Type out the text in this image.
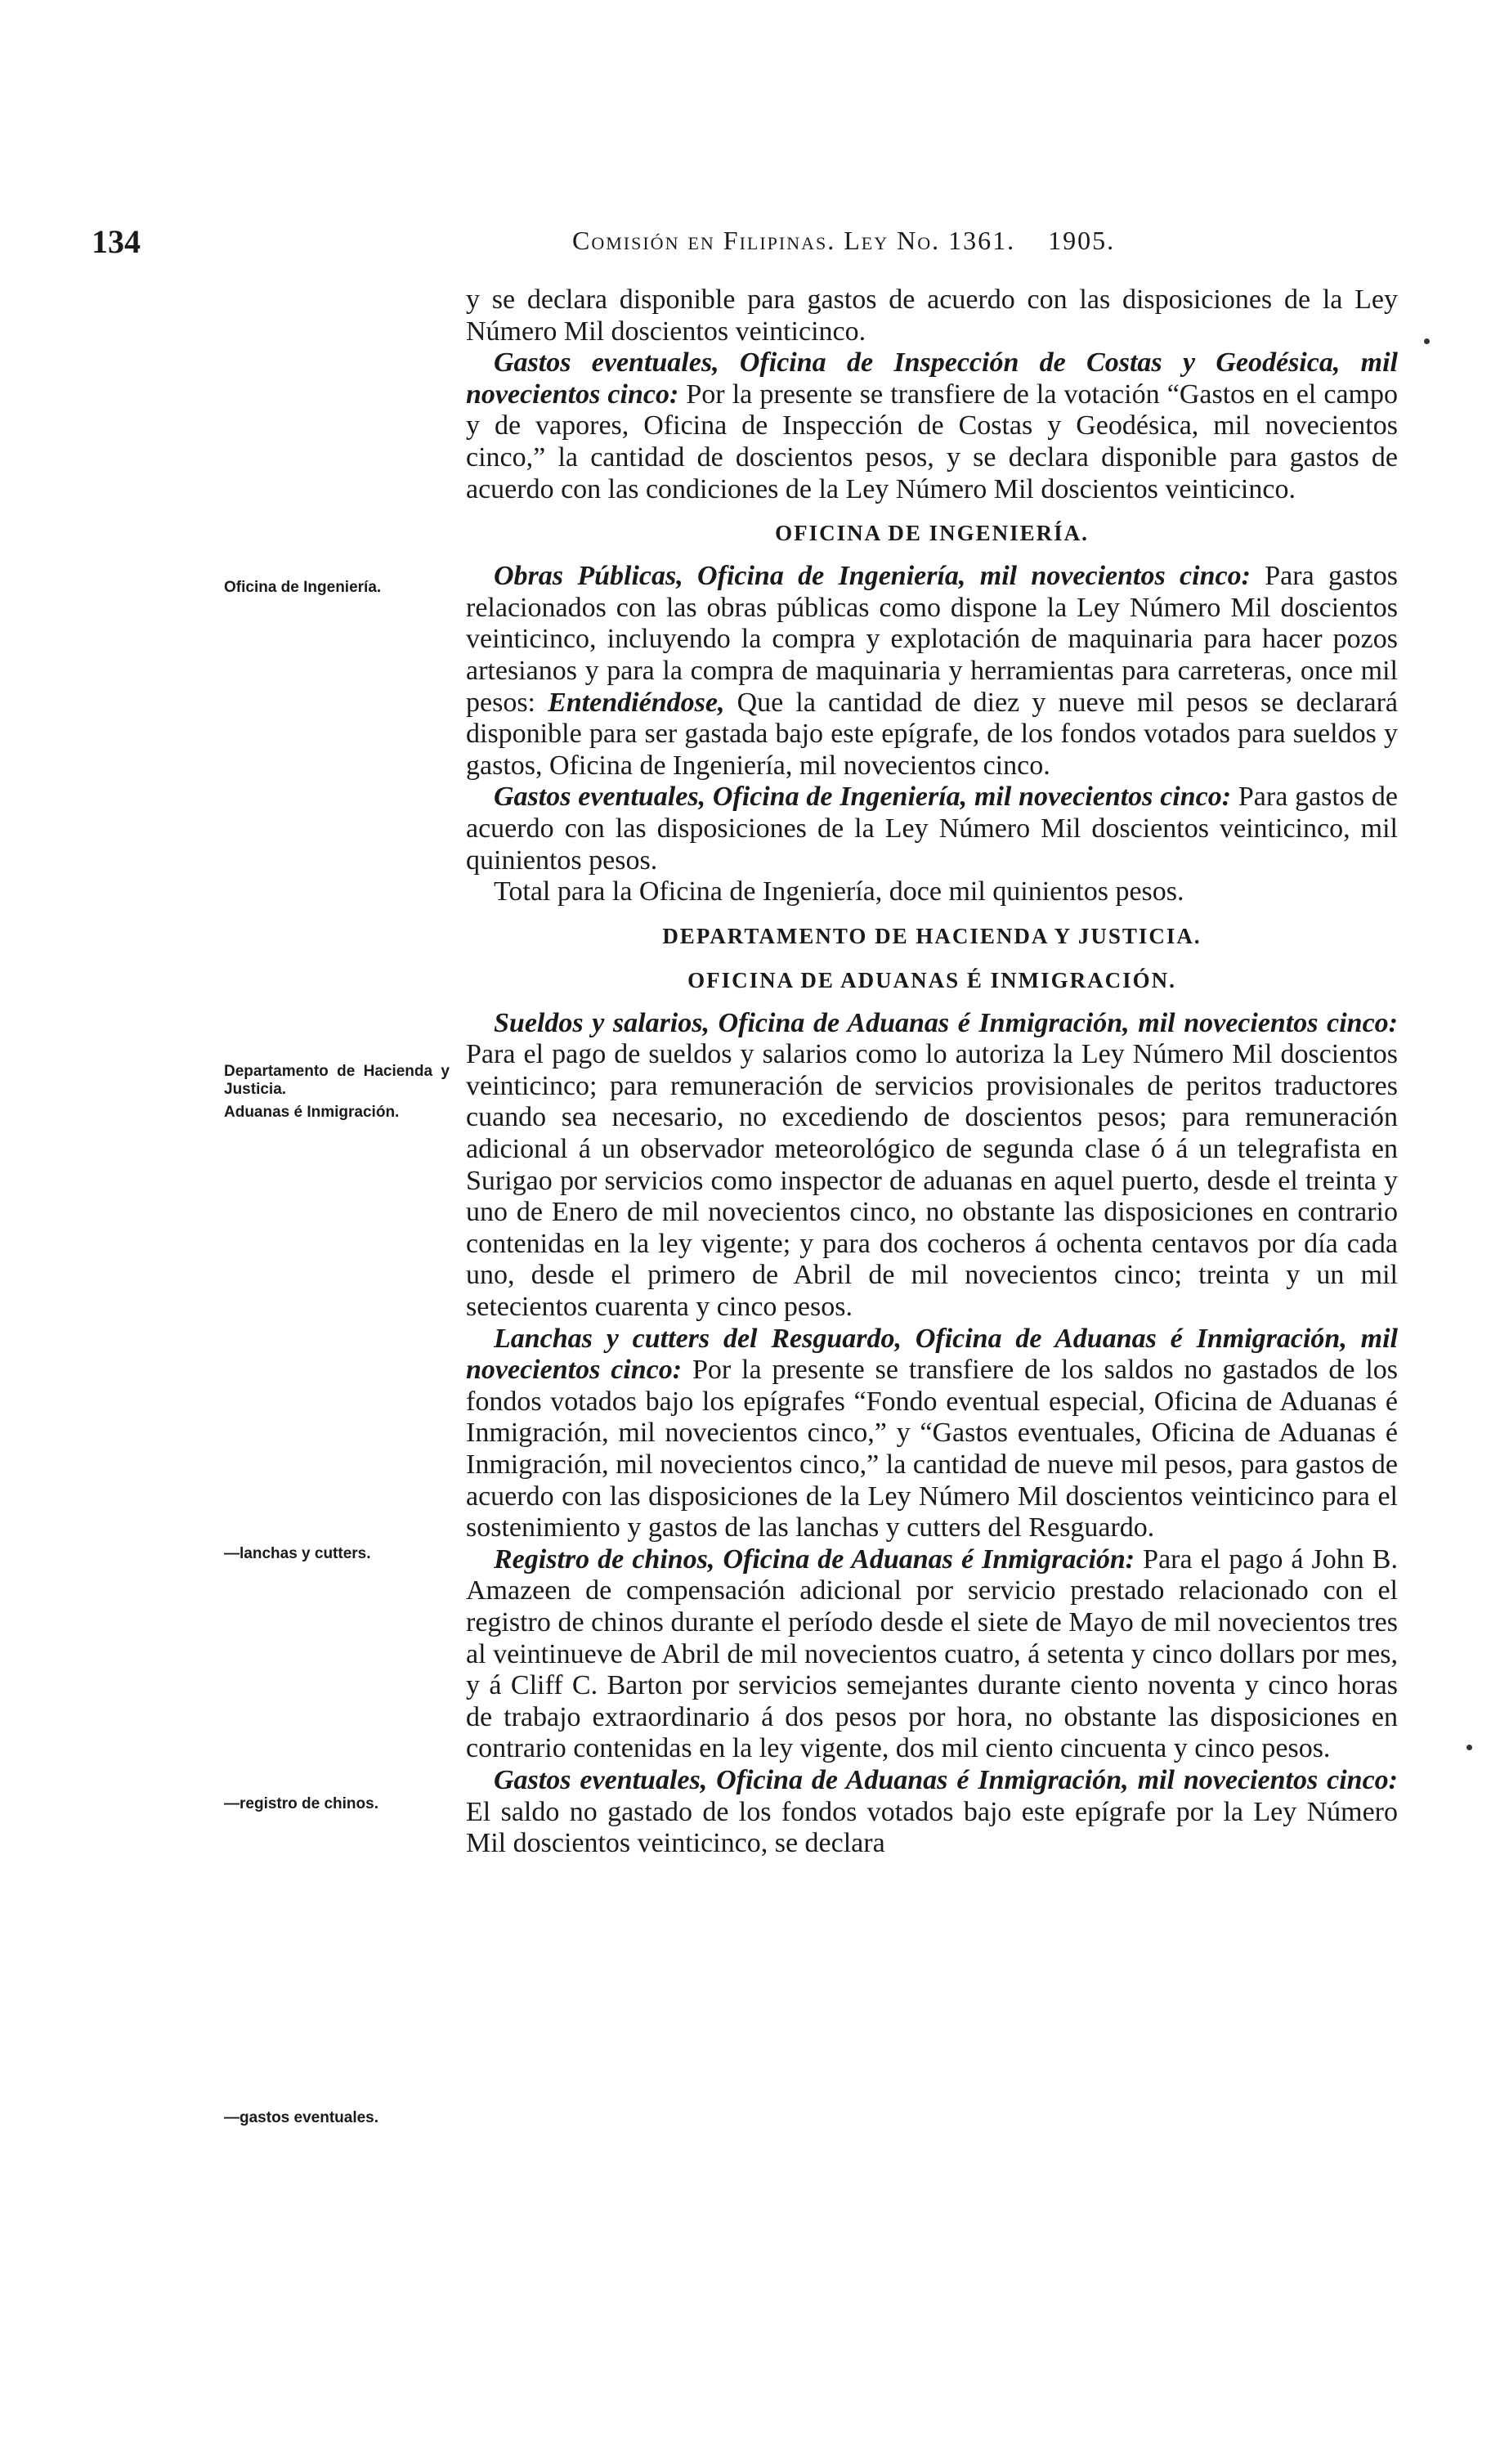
134	Comisión en Filipinas. Ley No. 1361. 1905.
Oficina de Ingeniería.
Departamento de Hacienda y Justicia.
Aduanas é Inmigración.
—lanchas y cutters.
—registro de chinos.
—gastos eventuales.

y se declara disponible para gastos de acuerdo con las disposiciones de la Ley Número Mil doscientos veinticinco.

Gastos eventuales, Oficina de Inspección de Costas y Geodésica, mil novecientos cinco: Por la presente se transfiere de la votación “Gastos en el campo y de vapores, Oficina de Inspección de Costas y Geodésica, mil novecientos cinco,” la cantidad de doscientos pesos, y se declara disponible para gastos de acuerdo con las condiciones de la Ley Número Mil doscientos veinticinco.

OFICINA DE INGENIERÍA.

Obras Públicas, Oficina de Ingeniería, mil novecientos cinco: Para gastos relacionados con las obras públicas como dispone la Ley Número Mil doscientos veinticinco, incluyendo la compra y explotación de maquinaria para hacer pozos artesianos y para la compra de maquinaria y herramientas para carreteras, once mil pesos: Entendiéndose, Que la cantidad de diez y nueve mil pesos se declarará disponible para ser gastada bajo este epígrafe, de los fondos votados para sueldos y gastos, Oficina de Ingeniería, mil novecientos cinco.

Gastos eventuales, Oficina de Ingeniería, mil novecientos cinco: Para gastos de acuerdo con las disposiciones de la Ley Número Mil doscientos veinticinco, mil quinientos pesos.

Total para la Oficina de Ingeniería, doce mil quinientos pesos.

DEPARTAMENTO DE HACIENDA Y JUSTICIA.
OFICINA DE ADUANAS É INMIGRACIÓN.

Sueldos y salarios, Oficina de Aduanas é Inmigración, mil novecientos cinco: Para el pago de sueldos y salarios como lo autoriza la Ley Número Mil doscientos veinticinco; para remuneración de servicios provisionales de peritos traductores cuando sea necesario, no excediendo de doscientos pesos; para remuneración adicional á un observador meteorológico de segunda clase ó á un telegrafista en Surigao por servicios como inspector de aduanas en aquel puerto, desde el treinta y uno de Enero de mil novecientos cinco, no obstante las disposiciones en contrario contenidas en la ley vigente; y para dos cocheros á ochenta centavos por día cada uno, desde el primero de Abril de mil novecientos cinco; treinta y un mil setecientos cuarenta y cinco pesos.

Lanchas y cutters del Resguardo, Oficina de Aduanas é Inmigración, mil novecientos cinco: Por la presente se transfiere de los saldos no gastados de los fondos votados bajo los epígrafes “Fondo eventual especial, Oficina de Aduanas é Inmigración, mil novecientos cinco,” y “Gastos eventuales, Oficina de Aduanas é Inmigración, mil novecientos cinco,” la cantidad de nueve mil pesos, para gastos de acuerdo con las disposiciones de la Ley Número Mil doscientos veinticinco para el sostenimiento y gastos de las lanchas y cutters del Resguardo.

Registro de chinos, Oficina de Aduanas é Inmigración: Para el pago á John B. Amazeen de compensación adicional por servicio prestado relacionado con el registro de chinos durante el período desde el siete de Mayo de mil novecientos tres al veintinueve de Abril de mil novecientos cuatro, á setenta y cinco dollars por mes, y á Cliff C. Barton por servicios semejantes durante ciento noventa y cinco horas de trabajo extraordinario á dos pesos por hora, no obstante las disposiciones en contrario contenidas en la ley vigente, dos mil ciento cincuenta y cinco pesos.

Gastos eventuales, Oficina de Aduanas é Inmigración, mil novecientos cinco: El saldo no gastado de los fondos votados bajo este epígrafe por la Ley Número Mil doscientos veinticinco, se declara
